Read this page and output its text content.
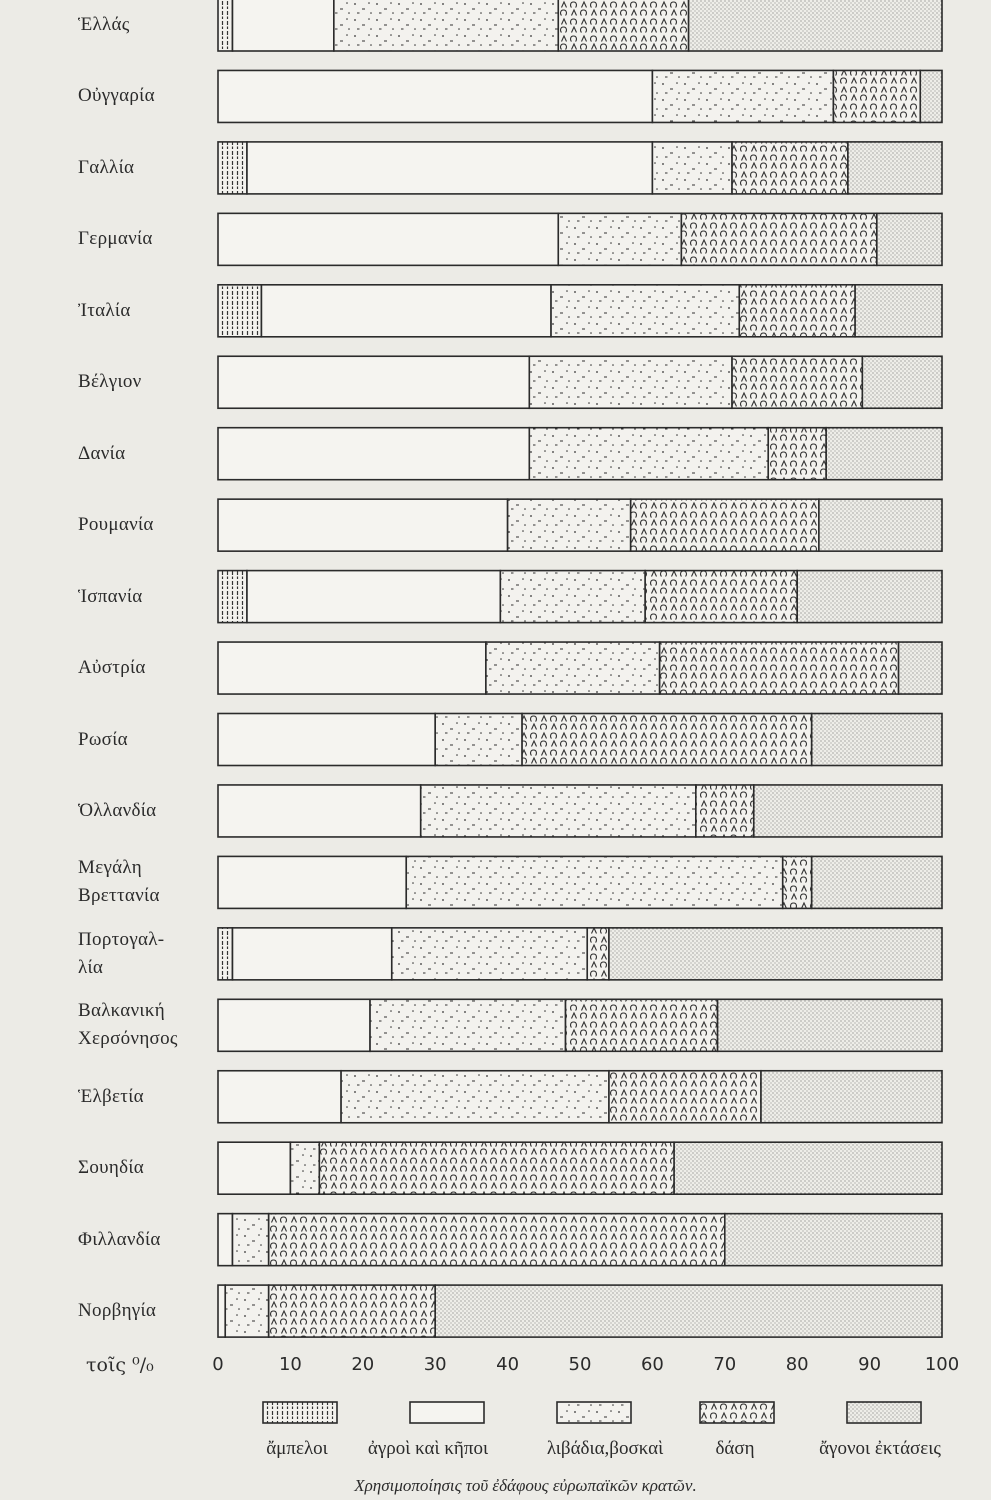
Ἑλλάς
Οὐγγαρία
Γαλλία
Γερμανία
Ἰταλία
Βέλγιον
Δανία
Ρουμανία
Ἱσπανία
Αὐστρία
Ρωσία
Ὁλλανδία
Μεγάλη
Βρεττανία
Πορτογαλ-
λία
Βαλκανική
Χερσόνησος
Ἑλβετία
Σουηδία
Φιλλανδία
Νορβηγία
0	10	20	30	40	50	60	70	80	90 100
τοῖς ⁰/₀
ἄμπελοι ἀγροὶ καὶ κῆποι	λιβάδια,βοσκαὶ	δάση	ἄγονοι ἐκτάσεις
Χρησιμοποίησις τοῦ ἐδάφους εὐρωπαϊκῶν κρατῶν.
